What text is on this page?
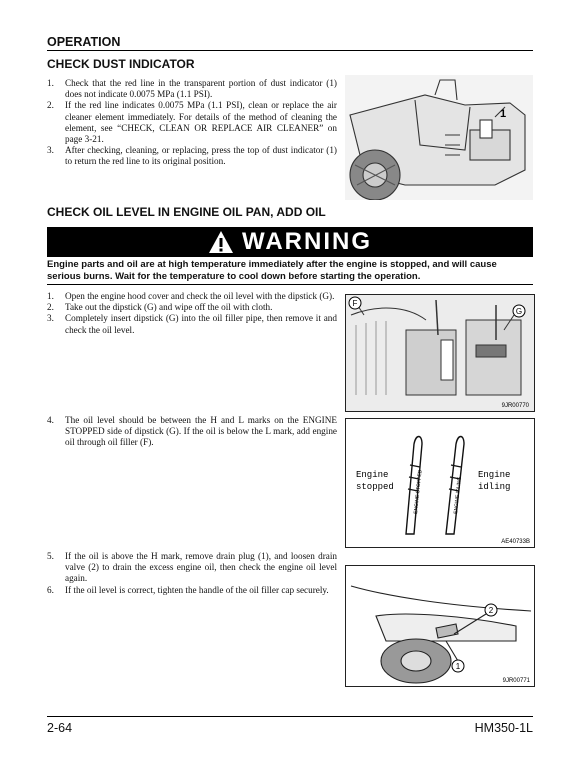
OPERATION
CHECK DUST INDICATOR
1. Check that the red line in the transparent portion of dust indicator (1) does not indicate 0.0075 MPa (1.1 PSI).
2. If the red line indicates 0.0075 MPa (1.1 PSI), clean or replace the air cleaner element immediately. For details of the method of cleaning the element, see “CHECK, CLEAN OR REPLACE AIR CLEANER” on page 3-21.
3. After checking, cleaning, or replacing, press the top of dust indicator (1) to return the red line to its original position.
1
CHECK OIL LEVEL IN ENGINE OIL PAN, ADD OIL
WARNING
Engine parts and oil are at high temperature immediately after the engine is stopped, and will cause serious burns. Wait for the temperature to cool down before starting the operation.
1. Open the engine hood cover and check the oil level with the dipstick (G).
2. Take out the dipstick (G) and wipe off the oil with cloth.
3. Completely insert dipstick (G) into the oil filler pipe, then remove it and check the oil level.
F
G
9JR00770
4. The oil level should be between the H and L marks on the ENGINE STOPPED side of dipstick (G). If the oil is below the L mark, add engine oil through oil filler (F).
Engine
stopped
Engine
idling
ENGINE STOPPED	ENGINE IDLING
AE40733B
5. If the oil is above the H mark, remove drain plug (1), and loosen drain valve (2) to drain the excess engine oil, then check the engine oil level again.
6. If the oil level is correct, tighten the handle of the oil filler cap securely.
2
1
9JR00771
2-64	HM350-1L
